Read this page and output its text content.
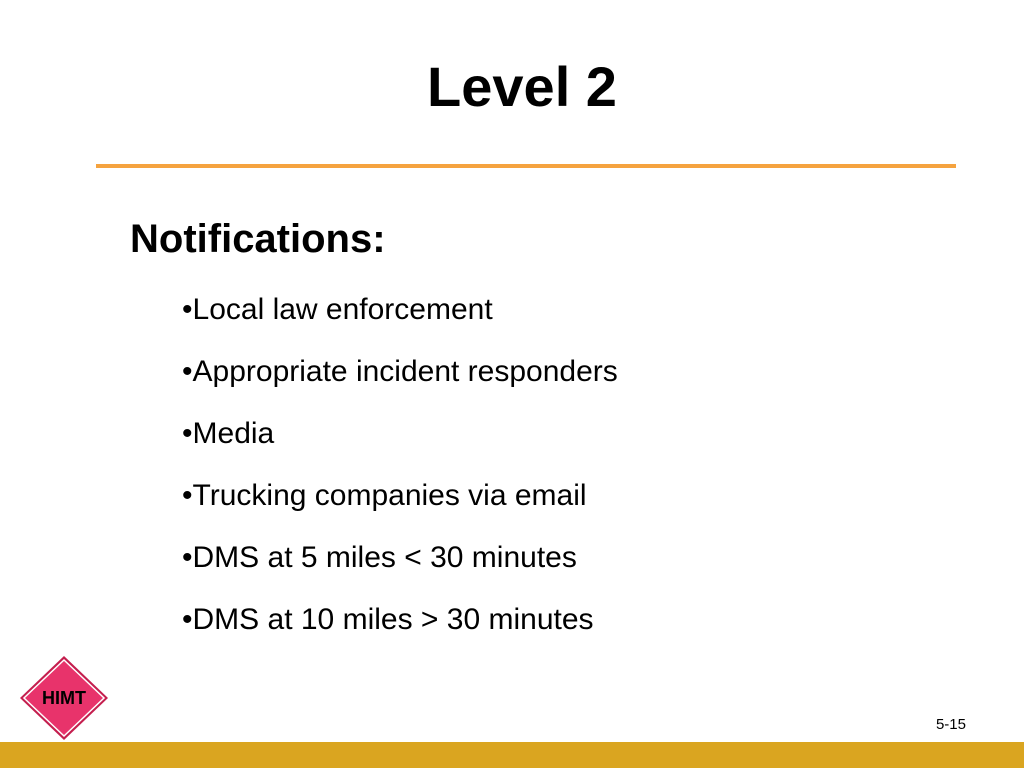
Level 2
Notifications:
•Local law enforcement
•Appropriate incident responders
•Media
•Trucking companies via email
•DMS at 5 miles < 30 minutes
•DMS at 10 miles > 30 minutes
HIMT
5-15
